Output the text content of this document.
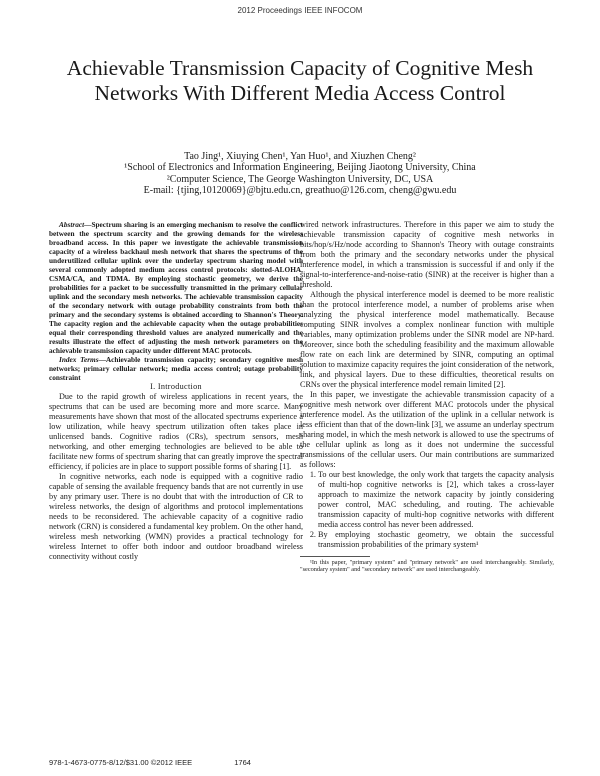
2012 Proceedings IEEE INFOCOM
Achievable Transmission Capacity of Cognitive Mesh Networks With Different Media Access Control
Tao Jing¹, Xiuying Chen¹, Yan Huo¹, and Xiuzhen Cheng²
¹School of Electronics and Information Engineering, Beijing Jiaotong University, China
²Computer Science, The George Washington University, DC, USA
E-mail: {tjing,10120069}@bjtu.edu.cn, greathuo@126.com, cheng@gwu.edu

Abstract—Spectrum sharing is an emerging mechanism to resolve the conflict between the spectrum scarcity and the growing demands for the wireless broadband access. In this paper we investigate the achievable transmission capacity of a wireless backhaul mesh network that shares the spectrums of the underutilized cellular uplink over the underlay spectrum sharing model with several commonly adopted medium access control protocols: slotted-ALOHA, CSMA/CA, and TDMA. By employing stochastic geometry, we derive the probabilities for a packet to be successfully transmitted in the primary cellular uplink and the secondary mesh networks. The achievable transmission capacity of the secondary network with outage probability constraints from both the primary and the secondary systems is obtained according to Shannon's Theory. The capacity region and the achievable capacity when the outage probabilities equal their corresponding threshold values are analyzed numerically and the results illustrate the effect of adjusting the mesh network parameters on the achievable transmission capacity under different MAC protocols.

Index Terms—Achievable transmission capacity; secondary cognitive mesh networks; primary cellular network; media access control; outage probability constraint

I. Introduction

Due to the rapid growth of wireless applications in recent years, the spectrums that can be used are becoming more and more scarce. Many measurements have shown that most of the allocated spectrums experience a low utilization, while heavy spectrum utilization often takes place in unlicensed bands. Cognitive radios (CRs), spectrum sensors, mesh networking, and other emerging technologies are believed to be able to facilitate new forms of spectrum sharing that can greatly improve the spectral efficiency, if policies are in place to support possible forms of sharing [1].

In cognitive networks, each node is equipped with a cognitive radio capable of sensing the available frequency bands that are not currently in use by any primary user. There is no doubt that with the introduction of CR to wireless networks, the design of algorithms and protocol implementations needs to be reconsidered. The achievable capacity of a cognitive radio network (CRN) is considered a fundamental key problem. On the other hand, wireless mesh networking (WMN) provides a practical technology for wireless Internet to offer both indoor and outdoor broadband wireless connectivity without costly

wired network infrastructures. Therefore in this paper we aim to study the achievable transmission capacity of cognitive mesh networks in bits/hop/s/Hz/node according to Shannon's Theory with outage constraints from both the primary and the secondary networks under the physical interference model, in which a transmission is successful if and only if the signal-to-interference-and-noise-ratio (SINR) at the receiver is higher than a threshold.

Although the physical interference model is deemed to be more realistic than the protocol interference model, a number of problems arise when analyzing the physical interference model mathematically. Because computing SINR involves a complex nonlinear function with multiple variables, many optimization problems under the SINR model are NP-hard. Moreover, since both the scheduling feasibility and the maximum allowable flow rate on each link are determined by SINR, computing an optimal solution to maximize capacity requires the joint consideration of the network, link, and physical layers. Due to these difficulties, theoretical results on CRNs over the physical interference model remain limited [2].

In this paper, we investigate the achievable transmission capacity of a cognitive mesh network over different MAC protocols under the physical interference model. As the utilization of the uplink in a cellular network is less efficient than that of the down-link [3], we assume an underlay spectrum sharing model, in which the mesh network is allowed to use the spectrums of the cellular uplink as long as it does not undermine the successful transmissions of the cellular users. Our main contributions are summarized as follows:

1. To our best knowledge, the only work that targets the capacity analysis of multi-hop cognitive networks is [2], which takes a cross-layer approach to maximize the network capacity by jointly considering power control, MAC scheduling, and routing. The achievable transmission capacity of multi-hop cognitive networks with different media access control has never been addressed.
2. By employing stochastic geometry, we obtain the successful transmission probabilities of the primary system¹

¹In this paper, "primary system" and "primary network" are used interchangeably. Similarly, "secondary system" and "secondary network" are used interchangeably.

978-1-4673-0775-8/12/$31.00 ©2012 IEEE	1764
